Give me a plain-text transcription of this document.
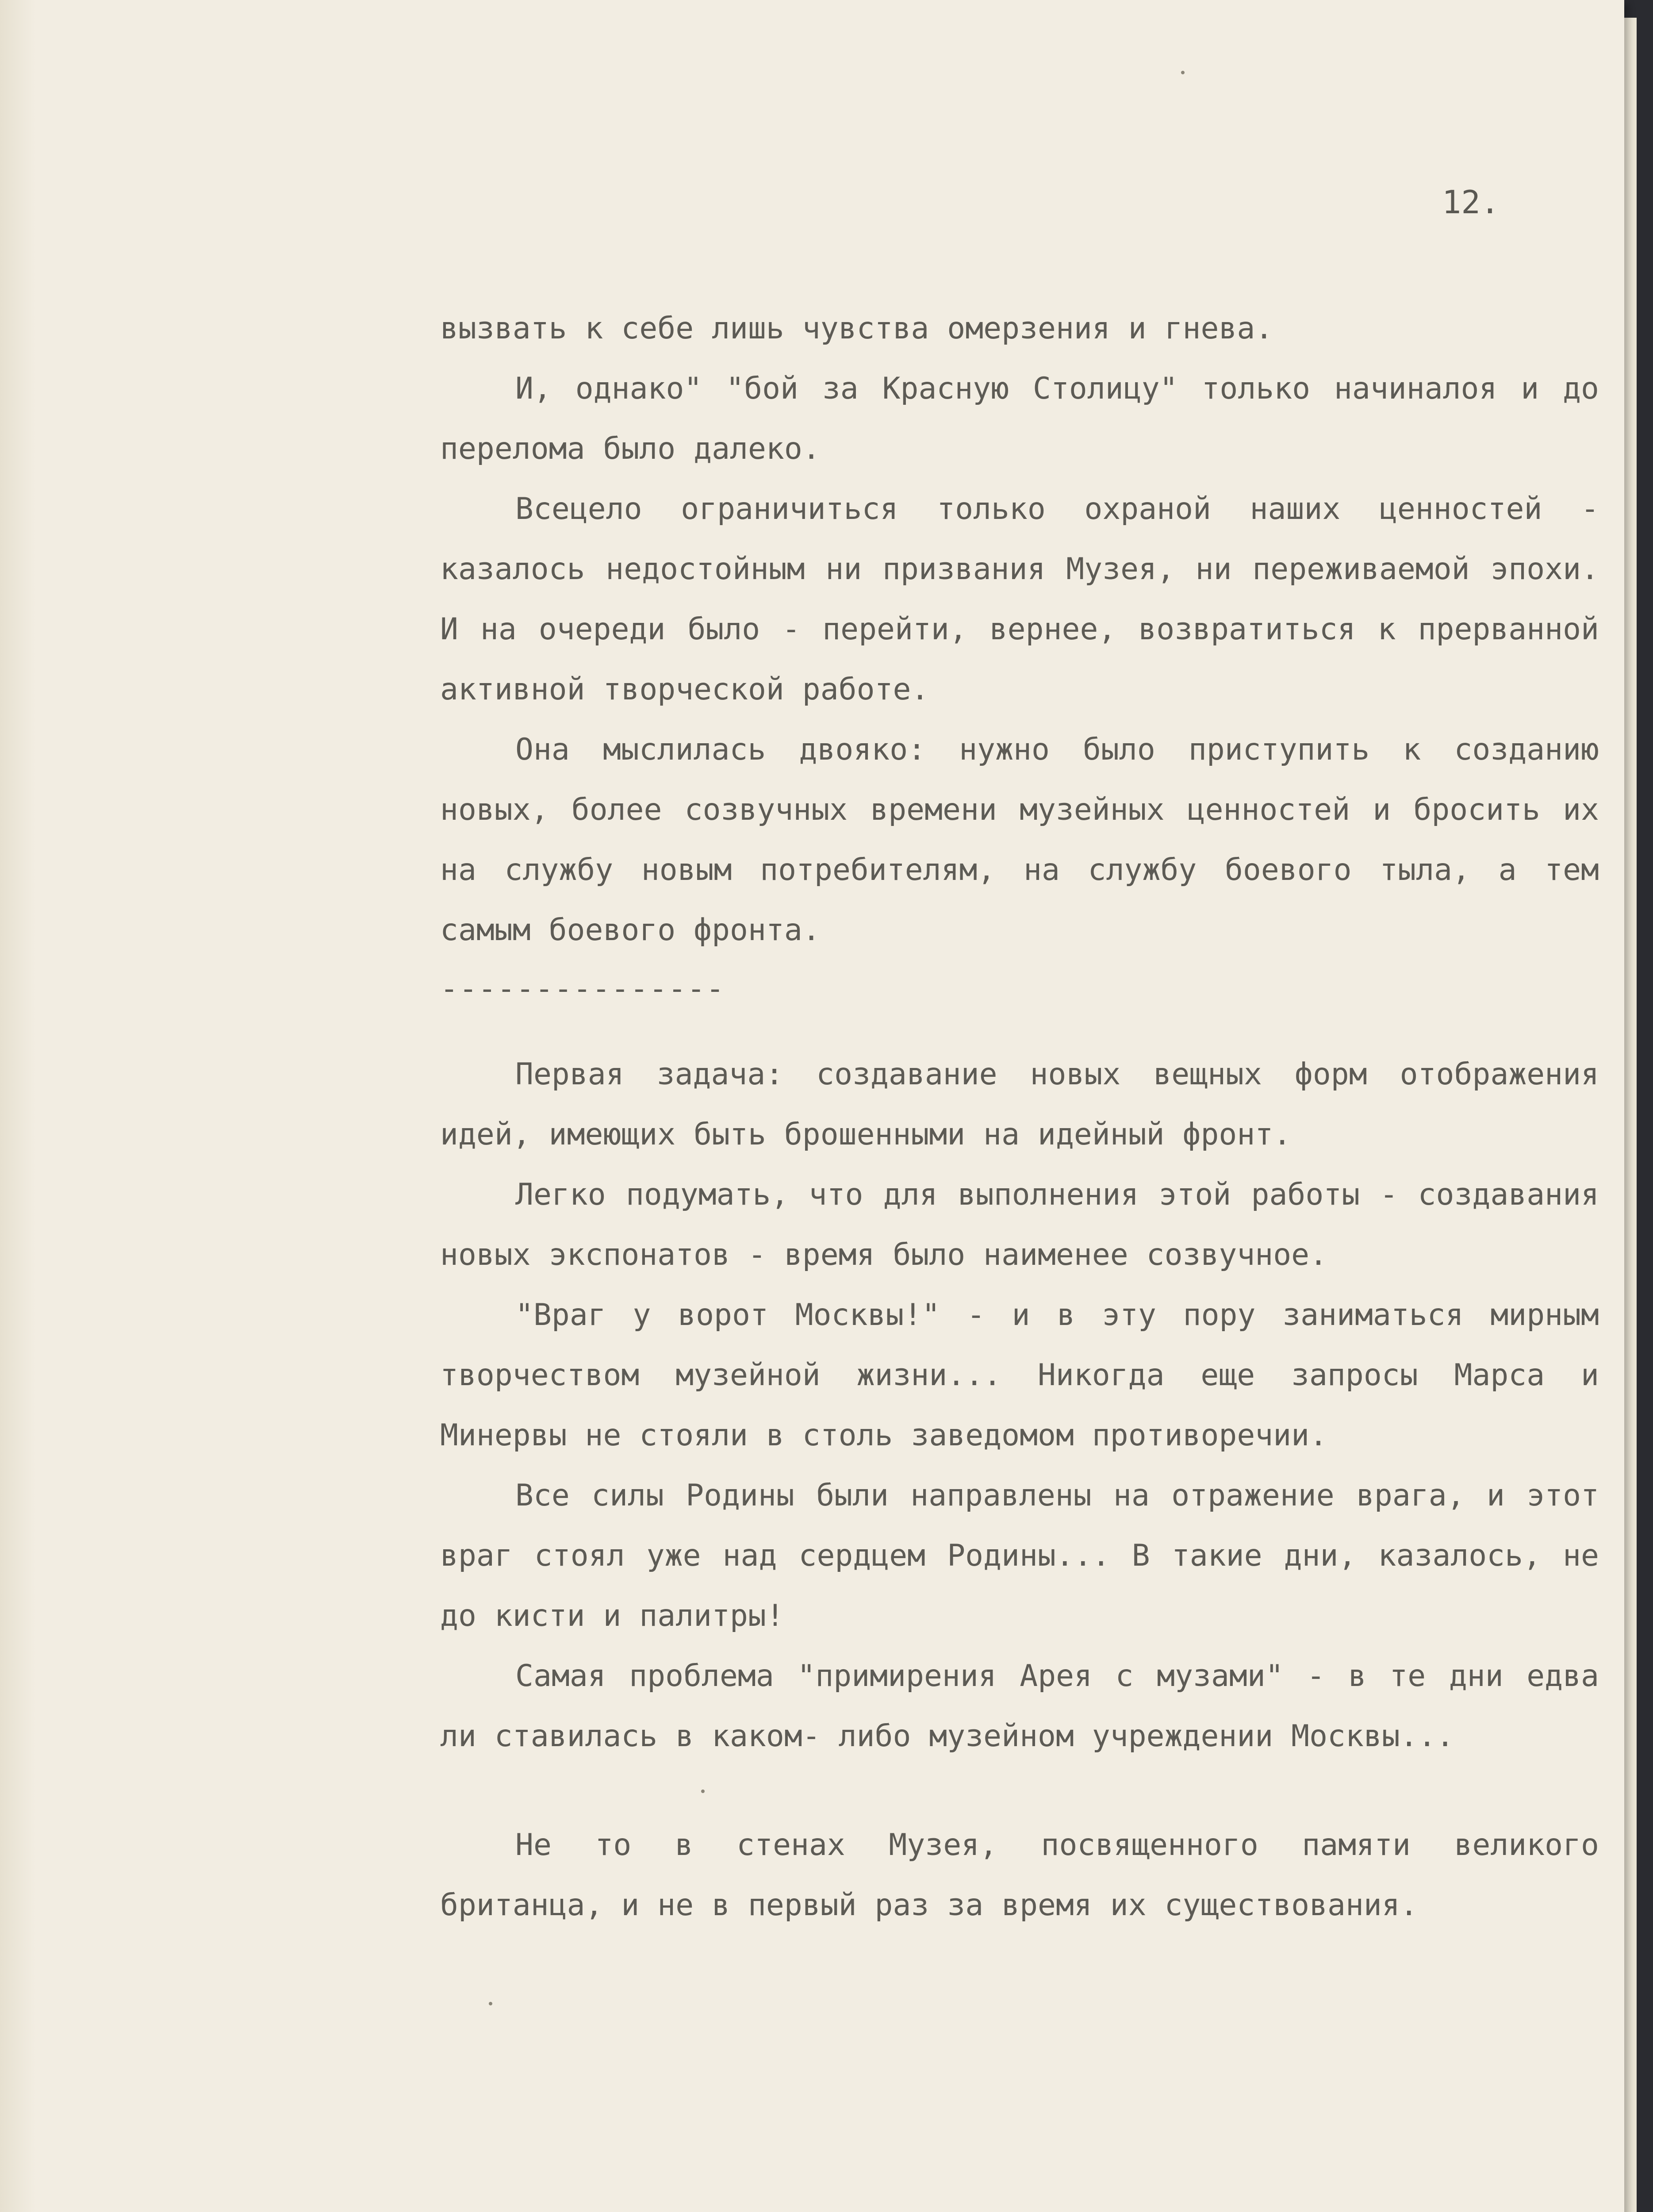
12.

вызвать к себе лишь чувства омерзения и гнева.

И, однако" "бой за Красную Столицу" только начиналоя и до перелома было далеко.

Всецело ограничиться только охраной наших ценностей - казалось недостойным ни призвания Музея, ни переживаемой эпохи. И на очереди было - перейти, вернее, возвратиться к прерванной активной творческой работе.

Она мыслилась двояко: нужно было приступить к созданию новых, более созвучных времени музейных ценностей и бросить их на службу новым потребителям, на службу боевого тыла, а тем самым боевого фронта.

---------------

Первая задача: создавание новых вещных форм отображения идей, имеющих быть брошенными на идейный фронт.

Легко подумать, что для выполнения этой работы - создавания новых экспонатов - время было наименее созвучное.

"Враг у ворот Москвы!" - и в эту пору заниматься мирным творчеством музейной жизни... Никогда еще запросы Марса и Минервы не стояли в столь заведомом противоречии.

Все силы Родины были направлены на отражение врага, и этот враг стоял уже над сердцем Родины... В такие дни, казалось, не до кисти и палитры!

Самая проблема "примирения Арея с музами" - в те дни едва ли ставилась в каком- либо музейном учреждении Москвы...

Не то в стенах Музея, посвященного памяти великого британца, и не в первый раз за время их существования.
